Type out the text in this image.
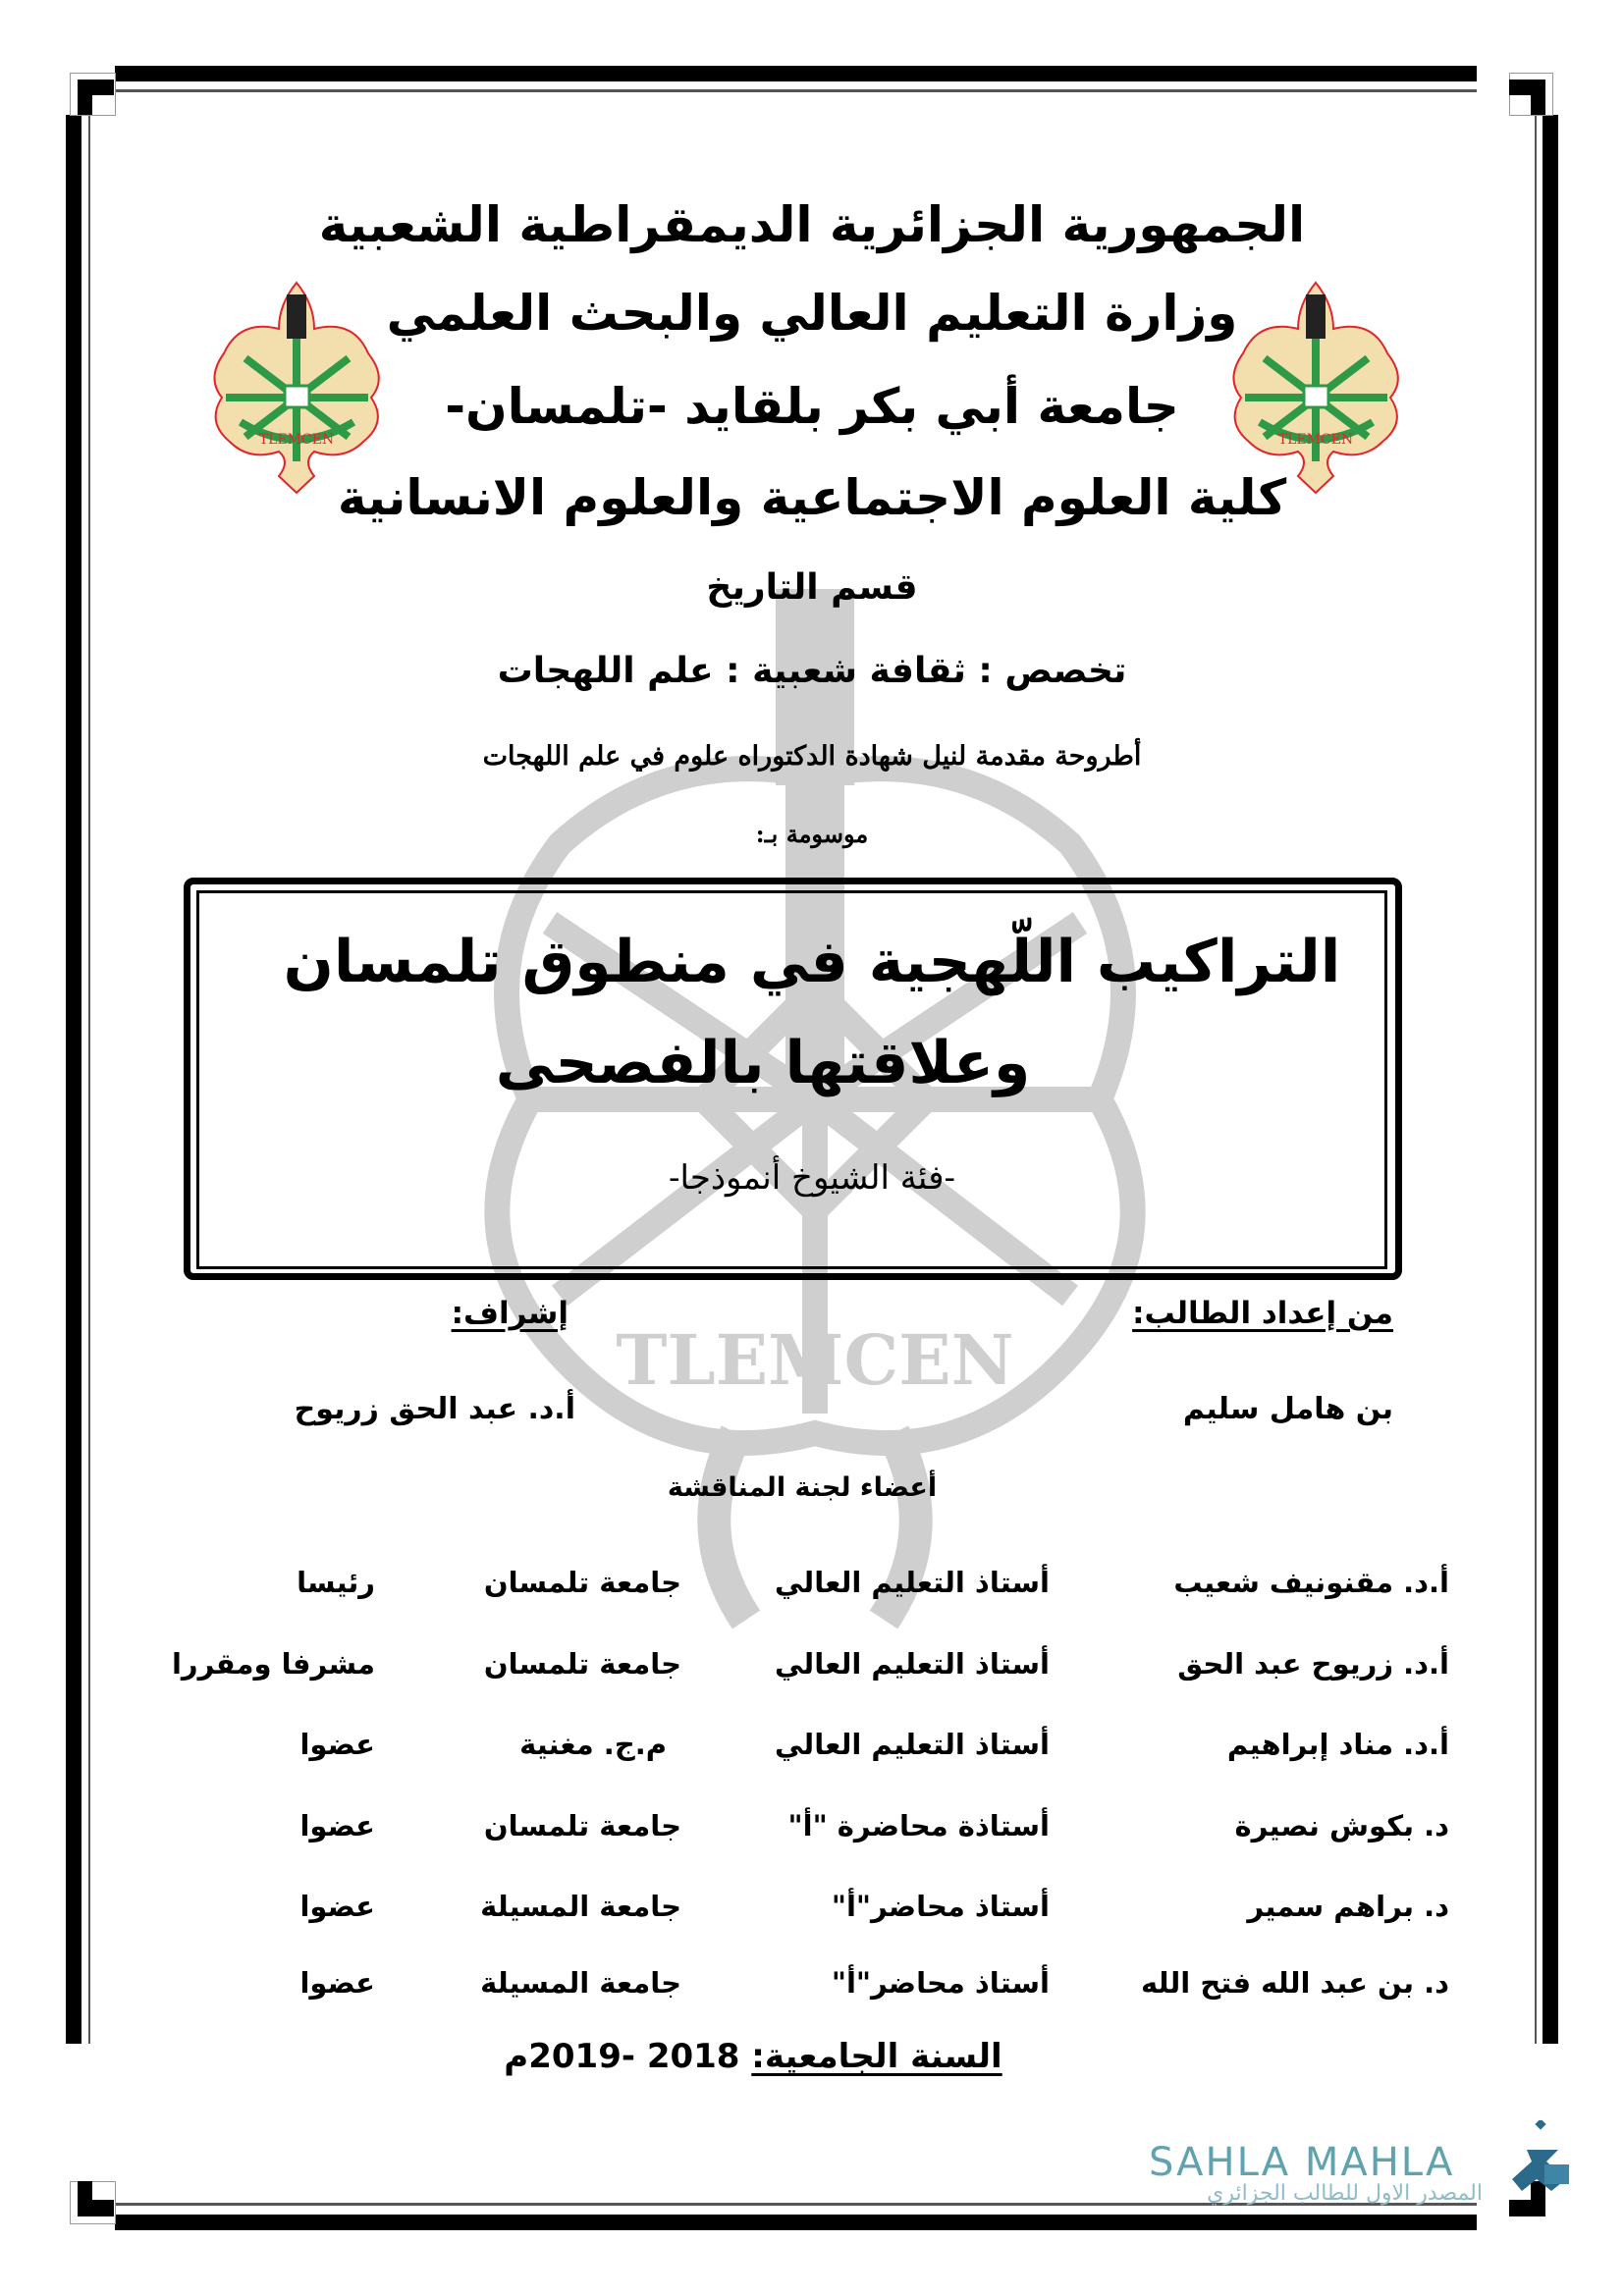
TLEMCEN
TLEMCEN	TLEMCEN
الجمهورية الجزائرية الديمقراطية الشعبية
وزارة التعليم العالي والبحث العلمي
جامعة أبي بكر بلقايد -تلمسان-
كلية العلوم الاجتماعية والعلوم الانسانية
قسم التاريخ
تخصص : ثقافة شعبية : علم اللهجات
أطروحة مقدمة لنيل شهادة الدكتوراه علوم في علم اللهجات
موسومة بـ:
التراكيب اللّهجية في منطوق تلمسان
وعلاقتها بالفصحى
-فئة الشيوخ أنموذجا-
من إعداد الطالب:
إشراف:
بن هامل سليم
أ.د. عبد الحق زريوح
أعضاء لجنة المناقشة
أ.د. مقنونيف شعيب
أستاذ التعليم العالي
جامعة تلمسان
رئيسا
أ.د. زريوح عبد الحق
أستاذ التعليم العالي
جامعة تلمسان
مشرفا ومقررا
أ.د. مناد إبراهيم
أستاذ التعليم العالي
م.ج. مغنية
عضوا
د. بكوش نصيرة
أستاذة محاضرة "أ"
جامعة تلمسان
عضوا
د. براهم سمير
أستاذ محاضر"أ"
جامعة المسيلة
عضوا
د. بن عبد الله فتح الله
أستاذ محاضر"أ"
جامعة المسيلة
عضوا
السنة الجامعية: 2018 -2019م
SAHLA MAHLA
المصدر الاول للطالب الجزائري
